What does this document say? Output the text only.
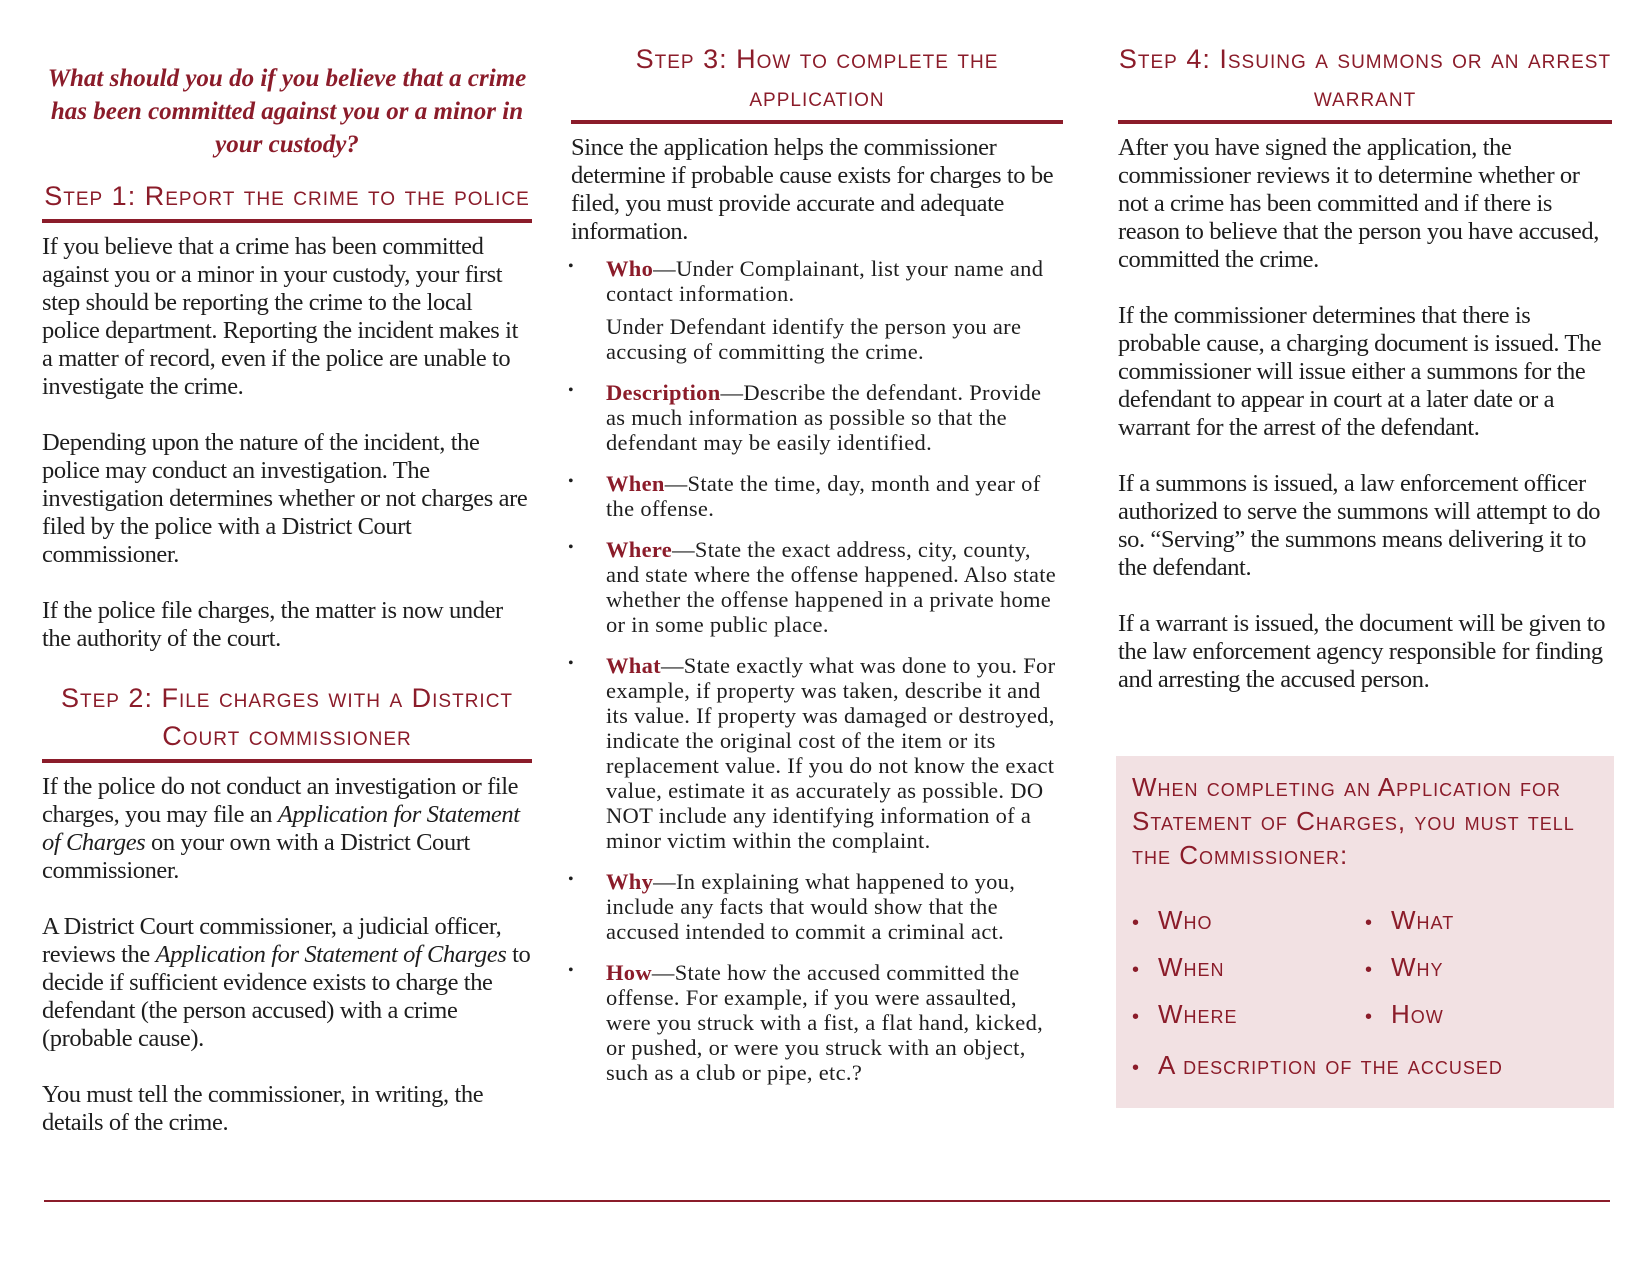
What should you do if you believe that a crime has been committed against you or a minor in your custody?
Step 1: Report the crime to the police

If you believe that a crime has been committed against you or a minor in your custody, your first step should be reporting the crime to the local police department. Reporting the incident makes it a matter of record, even if the police are unable to investigate the crime.

Depending upon the nature of the incident, the police may conduct an investigation. The investigation determines whether or not charges are filed by the police with a District Court commissioner.

If the police file charges, the matter is now under the authority of the court.

Step 2: File charges with a District Court commissioner

If the police do not conduct an investigation or file charges, you may file an Application for Statement of Charges on your own with a District Court commissioner.

A District Court commissioner, a judicial officer, reviews the Application for Statement of Charges to decide if sufficient evidence exists to charge the defendant (the person accused) with a crime (probable cause).

You must tell the commissioner, in writing, the details of the crime.

Step 3: How to complete the application

Since the application helps the commissioner determine if probable cause exists for charges to be filed, you must provide accurate and adequate information.

• Who—Under Complainant, list your name and contact information.
Under Defendant identify the person you are accusing of committing the crime.
• Description—Describe the defendant. Provide as much information as possible so that the defendant may be easily identified.
• When—State the time, day, month and year of the offense.
• Where—State the exact address, city, county, and state where the offense happened. Also state whether the offense happened in a private home or in some public place.
• What—State exactly what was done to you. For example, if property was taken, describe it and its value. If property was damaged or destroyed, indicate the original cost of the item or its replacement value. If you do not know the exact value, estimate it as accurately as possible. DO NOT include any identifying information of a minor victim within the complaint.
• Why—In explaining what happened to you, include any facts that would show that the accused intended to commit a criminal act.
• How—State how the accused committed the offense. For example, if you were assaulted, were you struck with a fist, a flat hand, kicked, or pushed, or were you struck with an object, such as a club or pipe, etc.?
Step 4: Issuing a summons or an arrest warrant

After you have signed the application, the commissioner reviews it to determine whether or not a crime has been committed and if there is reason to believe that the person you have accused, committed the crime.

If the commissioner determines that there is probable cause, a charging document is issued. The commissioner will issue either a summons for the defendant to appear in court at a later date or a warrant for the arrest of the defendant.

If a summons is issued, a law enforcement officer authorized to serve the summons will attempt to do so. “Serving” the summons means delivering it to the defendant.

If a warrant is issued, the document will be given to the law enforcement agency responsible for finding and arresting the accused person.

When completing an Application for Statement of Charges, you must tell the Commissioner:
• Who	• What
• When	• Why
• Where	• How
• A description of the accused
